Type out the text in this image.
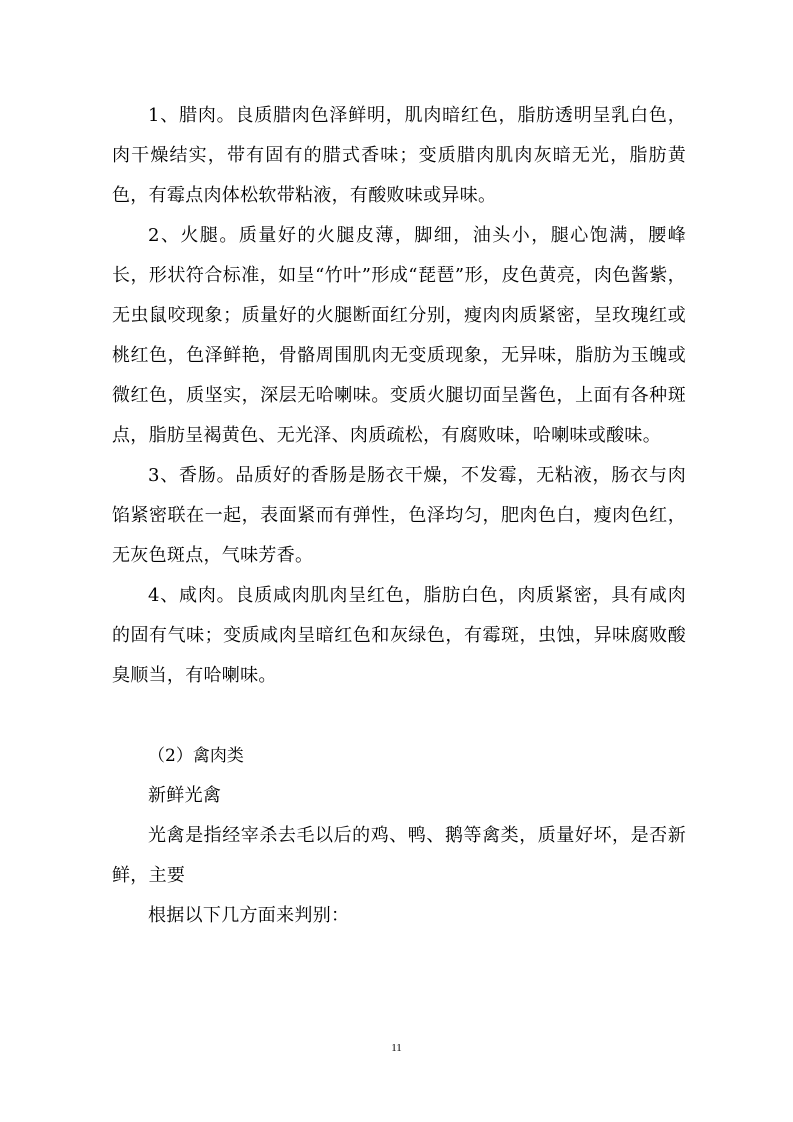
1、腊肉。良质腊肉色泽鲜明，肌肉暗红色，脂肪透明呈乳白色，肉干燥结实，带有固有的腊式香味；变质腊肉肌肉灰暗无光，脂肪黄色，有霉点肉体松软带粘液，有酸败味或异味。

2、火腿。质量好的火腿皮薄，脚细，油头小，腿心饱满，腰峰长，形状符合标准，如呈“竹叶”形成“琵琶”形，皮色黄亮，肉色酱紫，无虫鼠咬现象；质量好的火腿断面红分别，瘦肉肉质紧密，呈玫瑰红或桃红色，色泽鲜艳，骨骼周围肌肉无变质现象，无异味，脂肪为玉魄或微红色，质坚实，深层无哈喇味。变质火腿切面呈酱色，上面有各种斑点，脂肪呈褐黄色、无光泽、肉质疏松，有腐败味，哈喇味或酸味。

3、香肠。品质好的香肠是肠衣干燥，不发霉，无粘液，肠衣与肉馅紧密联在一起，表面紧而有弹性，色泽均匀，肥肉色白，瘦肉色红，无灰色斑点，气味芳香。

4、咸肉。良质咸肉肌肉呈红色，脂肪白色，肉质紧密，具有咸肉的固有气味；变质咸肉呈暗红色和灰绿色，有霉斑，虫蚀，异味腐败酸臭顺当，有哈喇味。

（2）禽肉类

新鲜光禽

光禽是指经宰杀去毛以后的鸡、鸭、鹅等禽类，质量好坏，是否新鲜，主要

根据以下几方面来判别：

11
